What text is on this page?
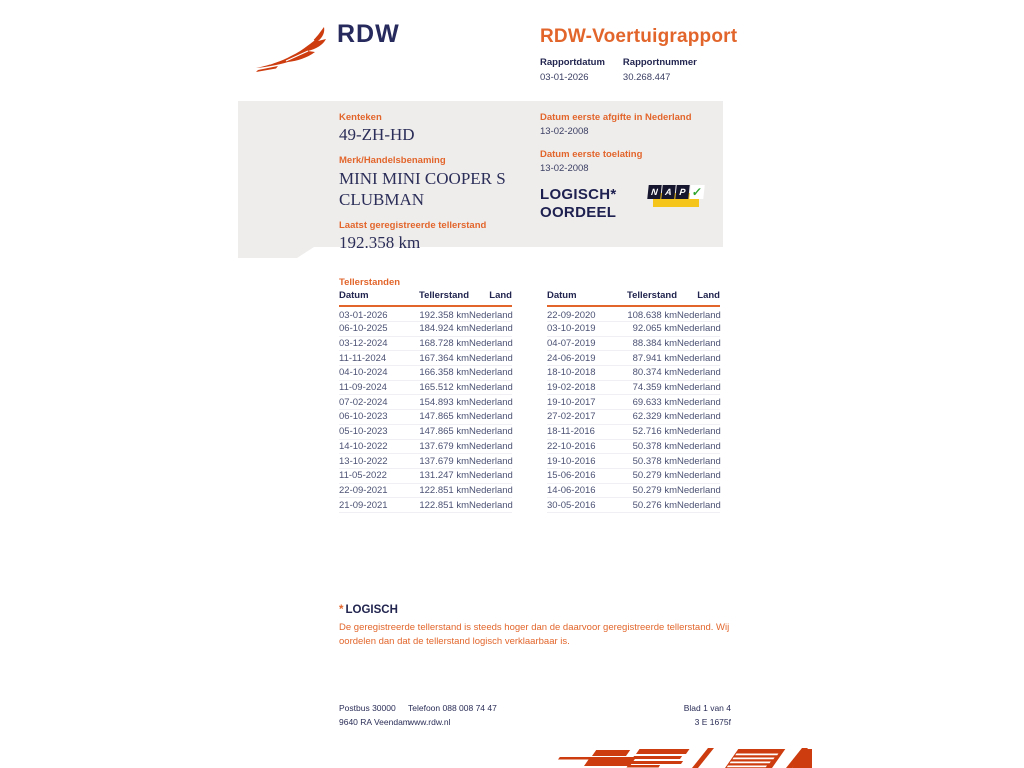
RDW	RDW-Voertuigrapport
Rapportdatum
03-01-2026
Rapportnummer
30.268.447
Kenteken
49-ZH-HD
Merk/Handelsbenaming
MINI MINI COOPER S CLUBMAN
Laatst geregistreerde tellerstand
192.358 km
Datum eerste afgifte in Nederland
13-02-2008
Datum eerste toelating
13-02-2008
LOGISCH*
OORDEEL
N A P ✓
Tellerstanden
Datum	Tellerstand	Land
03-01-2026	192.358 km	Nederland
06-10-2025	184.924 km	Nederland
03-12-2024	168.728 km	Nederland
11-11-2024	167.364 km	Nederland
04-10-2024	166.358 km	Nederland
11-09-2024	165.512 km	Nederland
07-02-2024	154.893 km	Nederland
06-10-2023	147.865 km	Nederland
05-10-2023	147.865 km	Nederland
14-10-2022	137.679 km	Nederland
13-10-2022	137.679 km	Nederland
11-05-2022	131.247 km	Nederland
22-09-2021	122.851 km	Nederland
21-09-2021	122.851 km	Nederland
Datum	Tellerstand	Land
22-09-2020	108.638 km	Nederland
03-10-2019	92.065 km	Nederland
04-07-2019	88.384 km	Nederland
24-06-2019	87.941 km	Nederland
18-10-2018	80.374 km	Nederland
19-02-2018	74.359 km	Nederland
19-10-2017	69.633 km	Nederland
27-02-2017	62.329 km	Nederland
18-11-2016	52.716 km	Nederland
22-10-2016	50.378 km	Nederland
19-10-2016	50.378 km	Nederland
15-06-2016	50.279 km	Nederland
14-06-2016	50.279 km	Nederland
30-05-2016	50.276 km	Nederland
* LOGISCH
De geregistreerde tellerstand is steeds hoger dan de daarvoor geregistreerde tellerstand. Wij oordelen dan dat de tellerstand logisch verklaarbaar is.
Postbus 30000
9640 RA Veendam
Telefoon 088 008 74 47
www.rdw.nl
Blad 1 van 4
3 E 1675f
